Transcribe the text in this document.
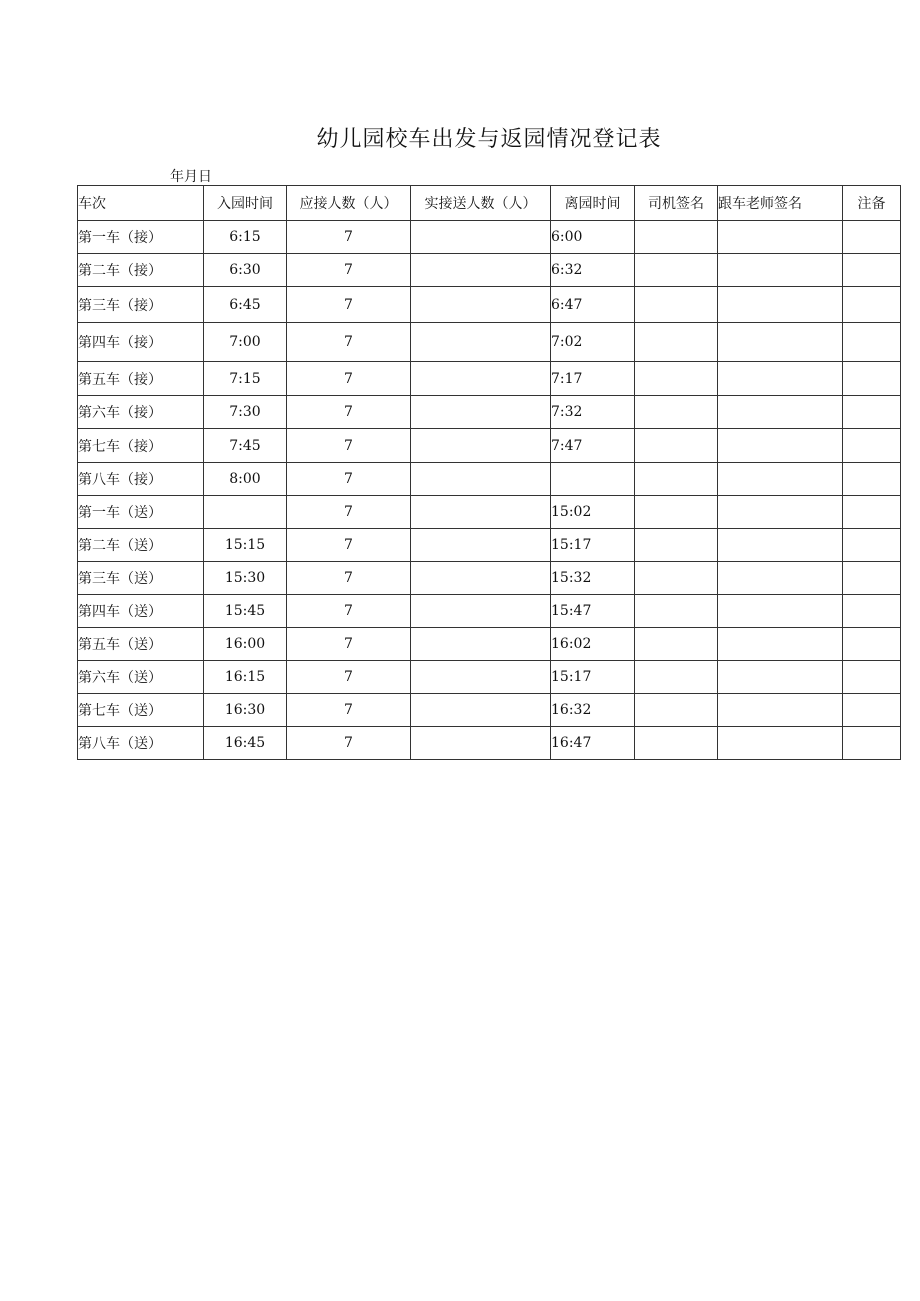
幼儿园校车出发与返园情况登记表
年月日
车次	入园时间	应接人数（人）	实接送人数（人）	离园时间	司机签名	跟车老师签名	注备
第一车（接）	6:15	7		6:00			
第二车（接）	6:30	7		6:32			
第三车（接）	6:45	7		6:47			
第四车（接）	7:00	7		7:02			
第五车（接）	7:15	7		7:17			
第六车（接）	7:30	7		7:32			
第七车（接）	7:45	7		7:47			
第八车（接）	8:00	7					
第一车（送）		7		15:02			
第二车（送）	15:15	7		15:17			
第三车（送）	15:30	7		15:32			
第四车（送）	15:45	7		15:47			
第五车（送）	16:00	7		16:02			
第六车（送）	16:15	7		15:17			
第七车（送）	16:30	7		16:32			
第八车（送）	16:45	7		16:47			
